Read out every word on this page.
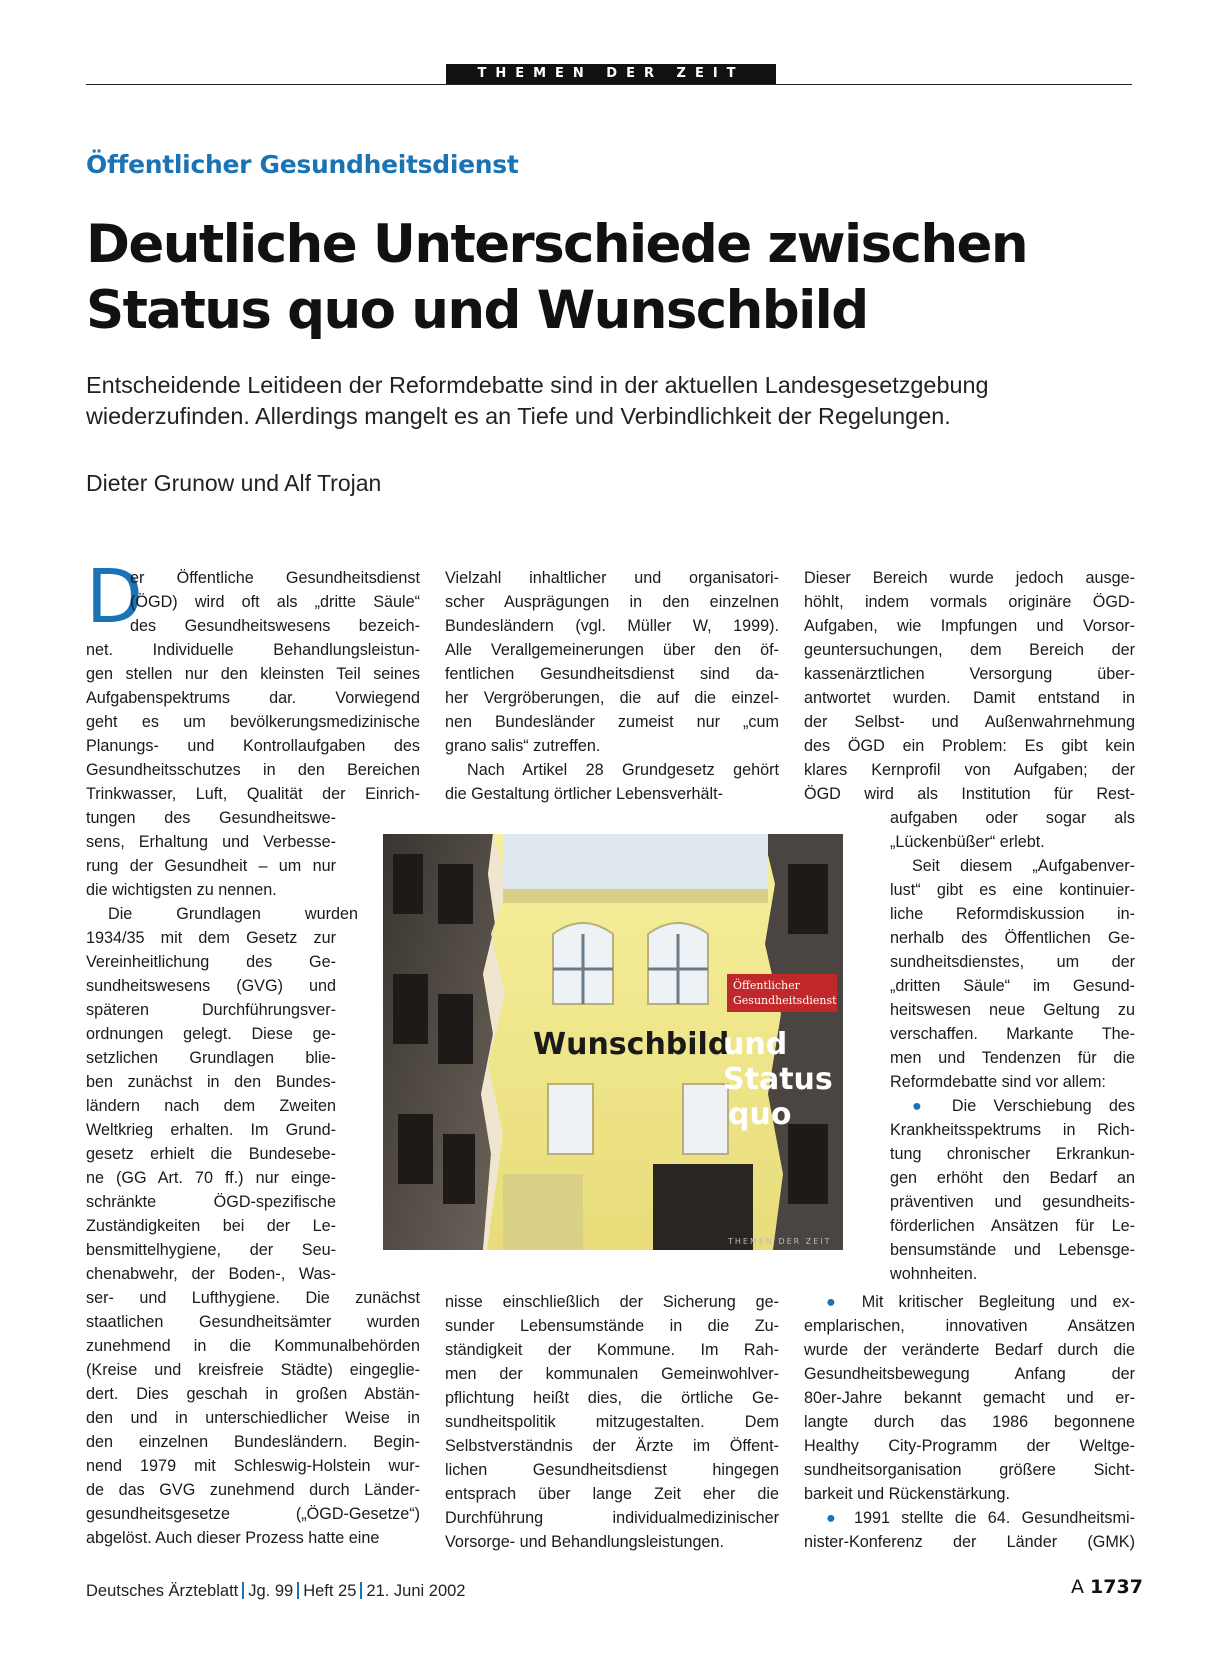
THEMEN DER ZEIT
Öffentlicher Gesundheitsdienst
Deutliche Unterschiede zwischen
Status quo und Wunschbild
Entscheidende Leitideen der Reformdebatte sind in der aktuellen Landesgesetzgebung
wiederzufinden. Allerdings mangelt es an Tiefe und Verbindlichkeit der Regelungen.
Dieter Grunow und Alf Trojan
D
er Öffentliche Gesundheitsdienst
(ÖGD) wird oft als „dritte Säule“
des Gesundheitswesens bezeich-
net. Individuelle Behandlungsleistun-
gen stellen nur den kleinsten Teil seines
Aufgabenspektrums dar. Vorwiegend
geht es um bevölkerungsmedizinische
Planungs- und Kontrollaufgaben des
Gesundheitsschutzes in den Bereichen
Trinkwasser, Luft, Qualität der Einrich-
tungen des Gesundheitswe-
sens, Erhaltung und Verbesse-
rung der Gesundheit – um nur
die wichtigsten zu nennen.
Die Grundlagen wurden
1934/35 mit dem Gesetz zur
Vereinheitlichung des Ge-
sundheitswesens (GVG) und
späteren Durchführungsver-
ordnungen gelegt. Diese ge-
setzlichen Grundlagen blie-
ben zunächst in den Bundes-
ländern nach dem Zweiten
Weltkrieg erhalten. Im Grund-
gesetz erhielt die Bundesebe-
ne (GG Art. 70 ff.) nur einge-
schränkte ÖGD-spezifische
Zuständigkeiten bei der Le-
bensmittelhygiene, der Seu-
chenabwehr, der Boden-, Was-
ser- und Lufthygiene. Die zunächst
staatlichen Gesundheitsämter wurden
zunehmend in die Kommunalbehörden
(Kreise und kreisfreie Städte) eingeglie-
dert. Dies geschah in großen Abstän-
den und in unterschiedlicher Weise in
den einzelnen Bundesländern. Begin-
nend 1979 mit Schleswig-Holstein wur-
de das GVG zunehmend durch Länder-
gesundheitsgesetze („ÖGD-Gesetze“)
abgelöst. Auch dieser Prozess hatte eine
Vielzahl inhaltlicher und organisatori-
scher Ausprägungen in den einzelnen
Bundesländern (vgl. Müller W, 1999).
Alle Verallgemeinerungen über den öf-
fentlichen Gesundheitsdienst sind da-
her Vergröberungen, die auf die einzel-
nen Bundesländer zumeist nur „cum
grano salis“ zutreffen.
Nach Artikel 28 Grundgesetz gehört
die Gestaltung örtlicher Lebensverhält-
nisse einschließlich der Sicherung ge-
sunder Lebensumstände in die Zu-
ständigkeit der Kommune. Im Rah-
men der kommunalen Gemeinwohlver-
pflichtung heißt dies, die örtliche Ge-
sundheitspolitik mitzugestalten. Dem
Selbstverständnis der Ärzte im Öffent-
lichen Gesundheitsdienst hingegen
entsprach über lange Zeit eher die
Durchführung individualmedizinischer
Vorsorge- und Behandlungsleistungen.
Dieser Bereich wurde jedoch ausge-
höhlt, indem vormals originäre ÖGD-
Aufgaben, wie Impfungen und Vorsor-
geuntersuchungen, dem Bereich der
kassenärztlichen Versorgung über-
antwortet wurden. Damit entstand in
der Selbst- und Außenwahrnehmung
des ÖGD ein Problem: Es gibt kein
klares Kernprofil von Aufgaben; der
ÖGD wird als Institution für Rest-
aufgaben oder sogar als
„Lückenbüßer“ erlebt.
Seit diesem „Aufgabenver-
lust“ gibt es eine kontinuier-
liche Reformdiskussion in-
nerhalb des Öffentlichen Ge-
sundheitsdienstes, um der
„dritten Säule“ im Gesund-
heitswesen neue Geltung zu
verschaffen. Markante The-
men und Tendenzen für die
Reformdebatte sind vor allem:
● Die Verschiebung des
Krankheitsspektrums in Rich-
tung chronischer Erkrankun-
gen erhöht den Bedarf an
präventiven und gesundheits-
förderlichen Ansätzen für Le-
bensumstände und Lebensge-
wohnheiten.
● Mit kritischer Begleitung und ex-
emplarischen, innovativen Ansätzen
wurde der veränderte Bedarf durch die
Gesundheitsbewegung Anfang der
80er-Jahre bekannt gemacht und er-
langte durch das 1986 begonnene
Healthy City-Programm der Weltge-
sundheitsorganisation größere Sicht-
barkeit und Rückenstärkung.
● 1991 stellte die 64. Gesundheitsmi-
nister-Konferenz der Länder (GMK)
Öffentlicher
Gesundheitsdienst
Wunschbild
und
Status
quo
THEMEN DER ZEIT
Deutsches Ärzteblatt Jg. 99 Heft 25 21. Juni 2002	A 1737
